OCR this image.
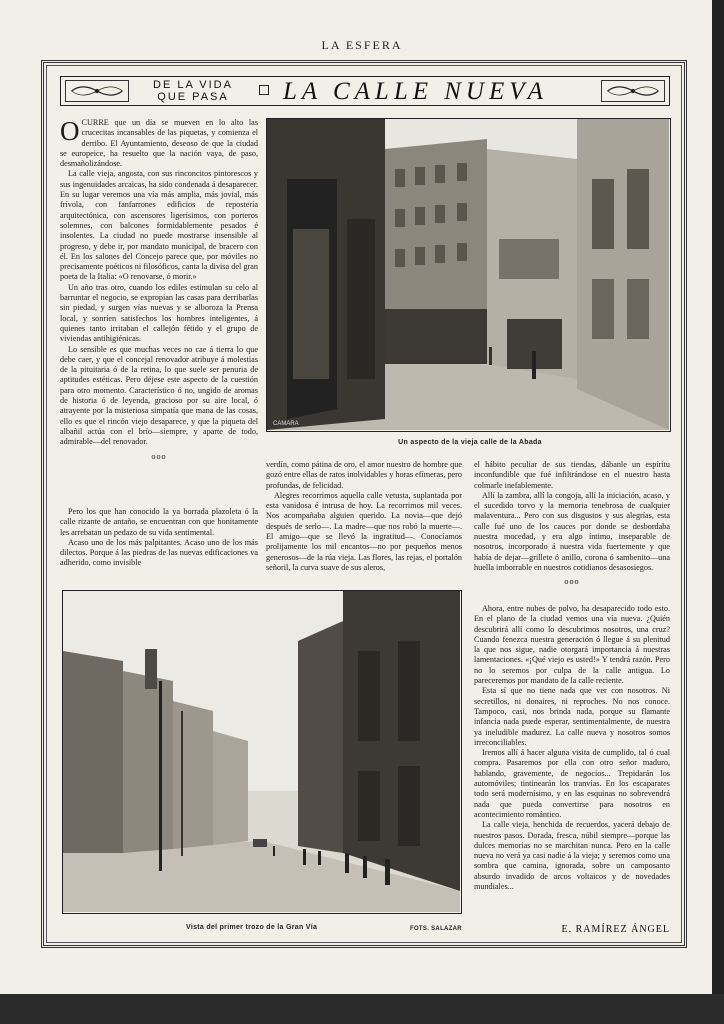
LA ESFERA
DE LA VIDA QUE PASA	LA CALLE NUEVA
CAMARA
Un aspecto de la vieja calle de la Abada

OCURRE que un día se mueven en lo alto las crucecitas incansables de las piquetas, y comienza el derribo. El Ayuntamiento, deseoso de que la ciudad se europeice, ha resuelto que la nación vaya, de paso, desmañolizándose.

La calle vieja, angosta, con sus rinconcitos pintorescos y sus ingenuidades arcaicas, ha sido condenada á desaparecer. En su lugar veremos una vía más amplia, más jovial, más frívola, con fanfarrones edificios de repostería arquitectónica, con ascensores ligerísimos, con porteros solemnes, con balcones formidablemente pesados é insolentes. La ciudad no puede mostrarse insensible al progreso, y debe ir, por mandato municipal, de bracero con él. En los salones del Concejo parece que, por móviles no precisamente poéticos ni filosóficos, canta la divisa del gran poeta de la Italia: «O renovarse, ó morir.»

Un año tras otro, cuando los ediles estimulan su celo al barruntar el negocio, se expropian las casas para derribarlas sin piedad, y surgen vías nuevas y se alboroza la Prensa local, y sonríen satisfechos los hombres inteligentes, á quienes tanto irritaban el callejón fétido y el grupo de viviendas antihigiénicas.

Lo sensible es que muchas veces no cae á tierra lo que debe caer, y que el concejal renovador atribuye á molestias de la pituitaria ó de la retina, lo que suele ser penuria de aptitudes estéticas. Pero déjese este aspecto de la cuestión para otro momento. Característico ó no, ungido de aromas de historia ó de leyenda, gracioso por su aire local, ó atrayente por la misteriosa simpatía que mana de las cosas, ello es que el rincón viejo desaparece, y que la piqueta del albañil actúa con el brío—siempre, y aparte de todo, admirable—del renovador.

ooo

Pero los que han conocido la ya borrada plazoleta ó la calle rizante de antaño, se encuentran con que honitamente les arrebatan un pedazo de su vida sentimental.

Acaso uno de los más palpitantes. Acaso uno de los más dilectos. Porque á las piedras de las nuevas edificaciones va adherido, como invisible

verdín, como pátina de oro, el amor nuestro de hombre que gozó entre ellas de ratos inolvidables y horas efímeras, pero profundas, de felicidad.

Alegres recorrimos aquella calle vetusta, suplantada por esta vanidosa é intrusa de hoy. La recorrimos mil veces. Nos acompañaba alguien querido. La novia—que dejó después de serlo—. La madre—que nos robó la muerte—. El amigo—que se llevó la ingratitud—. Conocíamos prolijamente los mil encantos—no por pequeños menos generosos—de la rúa vieja. Las flores, las rejas, el portalón señoril, la curva suave de sus aleros,

el hábito peculiar de sus tiendas, dábanle un espíritu inconfundible que fué infiltrándose en el nuestro hasta colmarle inefablemente.

Allí la zambra, allí la congoja, allí la iniciación, acaso, y el sucedido torvo y la memoria tenebrosa de cualquier malaventura... Pero con sus disgustos y sus alegrías, esta calle fué uno de los cauces por donde se desbordaba nuestra mocedad, y era algo íntimo, inseparable de nosotros, incorporado á nuestra vida fuertemente y que había de dejar—grillete ó anillo, corona ó sambenito—una huella imborrable en nuestros cotidianos desasosiegos.

ooo

Vista del primer trozo de la Gran Vía	FOTS. SALAZAR

Ahora, entre nubes de polvo, ha desaparecido todo esto. En el plano de la ciudad vemos una vía nueva. ¿Quién descubrirá allí como lo descubrimos nosotros, una cruz? Cuando fenezca nuestra generación ó llegue á su plenitud la que nos sigue, nadie otorgará importancia á nuestras lamentaciones. «¡Qué viejo es usted!» Y tendrá razón. Pero no lo seremos por culpa de la calle antigua. Lo pareceremos por mandato de la calle reciente.

Esta sí que no tiene nada que ver con nosotros. Ni secretillos, ni donaires, ni reproches. No nos conoce. Tampoco, casi, nos brinda nada, porque su flamante infancia nada puede esperar, sentimentalmente, de nuestra ya ineludible madurez. La calle nueva y nosotros somos irreconciliables.

Iremos allí á hacer alguna visita de cumplido, tal ó cual compra. Pasaremos por ella con otro señor maduro, hablando, gravemente, de negocios... Trepidarán los automóviles; tintinearán los tranvías. En los escaparates todo será modernísimo, y en las esquinas no sobrevendrá nada que pueda convertirse para nosotros en acontecimiento romántico.

La calle vieja, henchida de recuerdos, yacerá debajo de nuestros pasos. Dorada, fresca, núbil siempre—porque las dulces memorias no se marchitan nunca. Pero en la calle nueva no verá ya casi nadie á la vieja; y seremos como una sombra que camina, ignorada, sobre un camposanto absurdo invadido de arcos voltaicos y de novedades mundiales...

E. RAMÍREZ ÁNGEL
